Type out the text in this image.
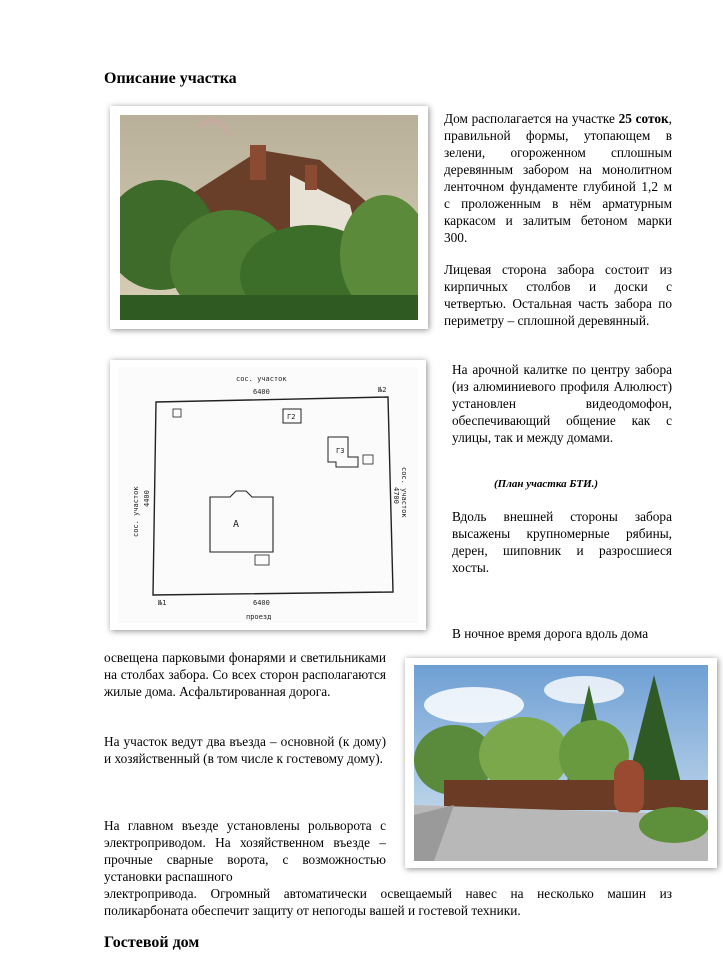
Описание участка

Дом располагается на участке 25 соток, правильной формы, утопающем в зелени, огороженном сплошным деревянным забором на монолитном ленточном фундаменте глубиной 1,2 м с проложенным в нём арматурным каркасом и залитым бетоном марки 300.

Лицевая сторона забора состоит из кирпичных столбов и доски с четвертью. Остальная часть забора по периметру – сплошной деревянный.

сос. участок
6400
6400
проезд
№2
№1
сос. участок 4400	сос. участок
4700
А
Г3
Г2

На арочной калитке по центру забора (из алюминиевого профиля Алюлюст) установлен видеодомофон, обеспечивающий общение как с улицы, так и между домами.

(План участка БТИ.)

Вдоль внешней стороны забора высажены крупномерные рябины, дерен, шиповник и разросшиеся хосты.

В ночное время дорога вдоль дома

освещена парковыми фонарями и светильниками на столбах забора. Со всех сторон располагаются жилые дома. Асфальтированная дорога.

На участок ведут два въезда – основной (к дому) и хозяйственный (в том числе к гостевому дому).

На главном въезде установлены рольворота с электроприводом. На хозяйственном въезде – прочные сварные ворота, с возможностью установки распашного

электропривода. Огромный автоматически освещаемый навес на несколько машин из поликарбоната обеспечит защиту от непогоды вашей и гостевой техники.

Гостевой дом
